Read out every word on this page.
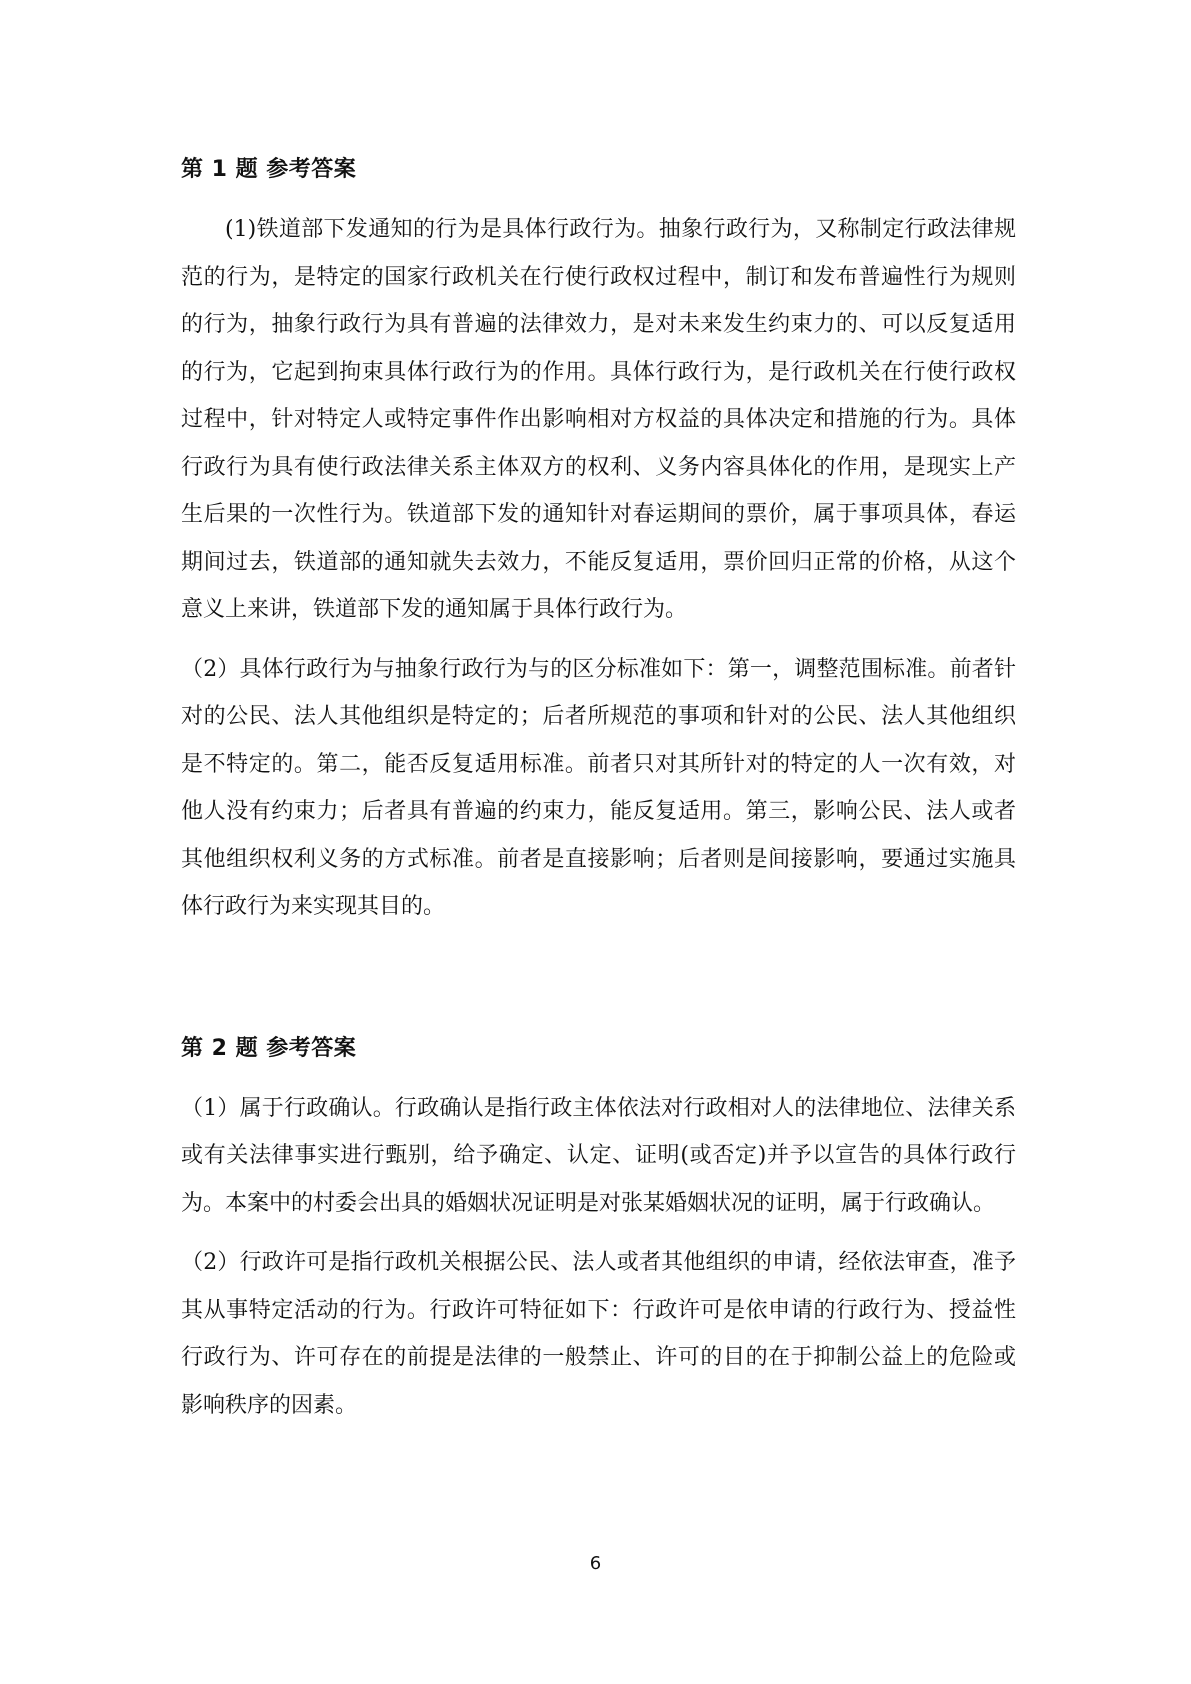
第 1 题 参考答案

(1)铁道部下发通知的行为是具体行政行为。抽象行政行为，又称制定行政法律规范的行为，是特定的国家行政机关在行使行政权过程中，制订和发布普遍性行为规则的行为，抽象行政行为具有普遍的法律效力，是对未来发生约束力的、可以反复适用的行为，它起到拘束具体行政行为的作用。具体行政行为，是行政机关在行使行政权过程中，针对特定人或特定事件作出影响相对方权益的具体决定和措施的行为。具体行政行为具有使行政法律关系主体双方的权利、义务内容具体化的作用，是现实上产生后果的一次性行为。铁道部下发的通知针对春运期间的票价，属于事项具体，春运期间过去，铁道部的通知就失去效力，不能反复适用，票价回归正常的价格，从这个意义上来讲，铁道部下发的通知属于具体行政行为。

（2）具体行政行为与抽象行政行为与的区分标准如下：第一，调整范围标准。前者针对的公民、法人其他组织是特定的；后者所规范的事项和针对的公民、法人其他组织是不特定的。第二，能否反复适用标准。前者只对其所针对的特定的人一次有效，对他人没有约束力；后者具有普遍的约束力，能反复适用。第三，影响公民、法人或者其他组织权利义务的方式标准。前者是直接影响；后者则是间接影响，要通过实施具体行政行为来实现其目的。

第 2 题 参考答案

（1）属于行政确认。行政确认是指行政主体依法对行政相对人的法律地位、法律关系或有关法律事实进行甄别，给予确定、认定、证明(或否定)并予以宣告的具体行政行为。本案中的村委会出具的婚姻状况证明是对张某婚姻状况的证明，属于行政确认。

（2）行政许可是指行政机关根据公民、法人或者其他组织的申请，经依法审查，准予其从事特定活动的行为。行政许可特征如下：行政许可是依申请的行政行为、授益性行政行为、许可存在的前提是法律的一般禁止、许可的目的在于抑制公益上的危险或影响秩序的因素。

6
